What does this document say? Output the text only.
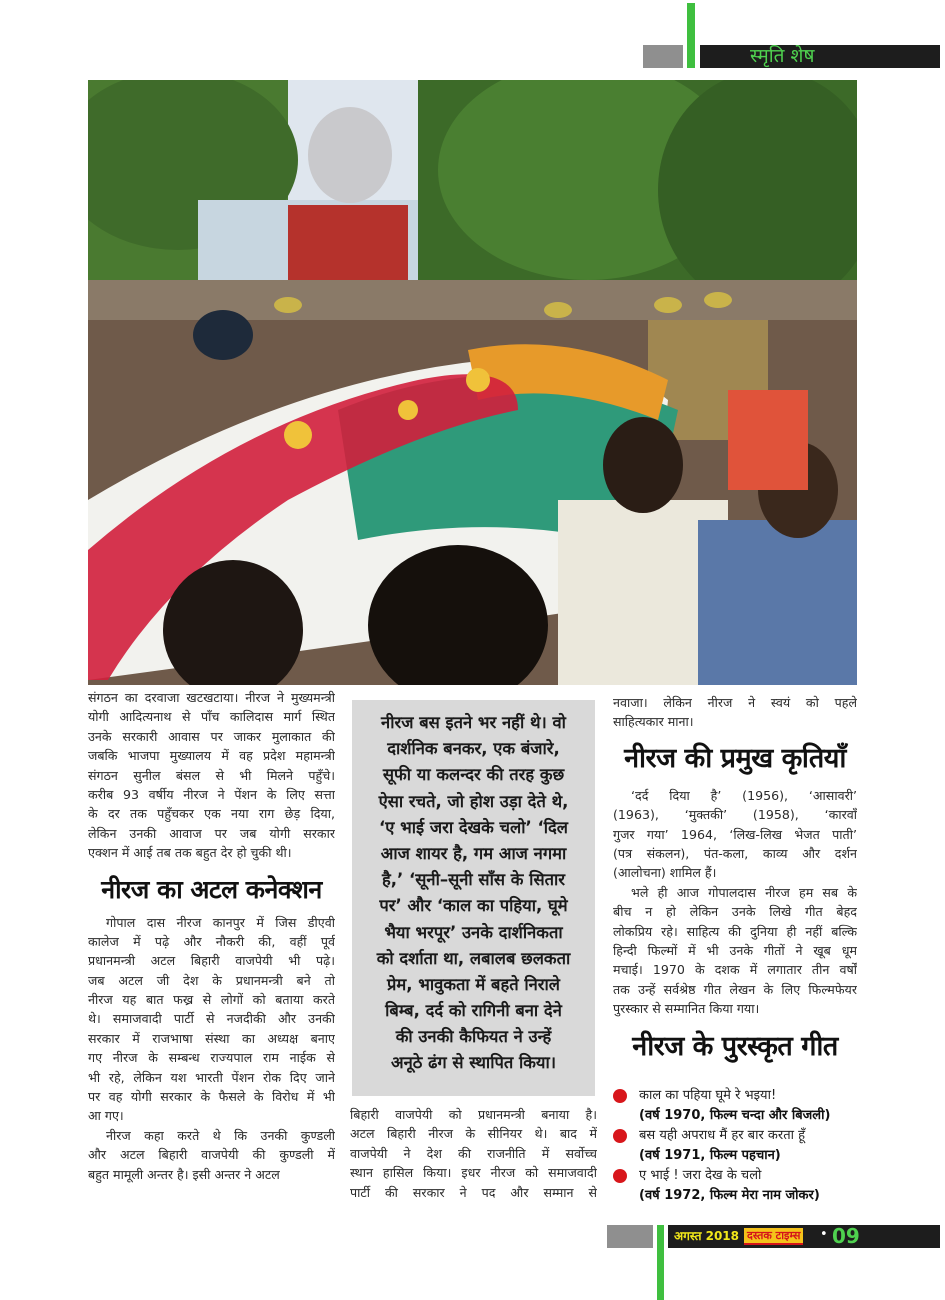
स्मृति शेष
संगठन का दरवाजा खटखटाया। नीरज ने मुख्यमन्त्री
योगी आदित्यनाथ से पाँच कालिदास मार्ग स्थित
उनके सरकारी आवास पर जाकर मुलाकात की
जबकि भाजपा मुख्यालय में वह प्रदेश महामन्त्री
संगठन सुनील बंसल से भी मिलने पहुँचे।
करीब 93 वर्षीय नीरज ने पेंशन के लिए सत्ता
के दर तक पहुँचकर एक नया राग छेड़ दिया,
लेकिन उनकी आवाज पर जब योगी सरकार
एक्शन में आई तब तक बहुत देर हो चुकी थी।
नीरज का अटल कनेक्शन
गोपाल दास नीरज कानपुर में जिस डीएवी
कालेज में पढ़े और नौकरी की, वहीं पूर्व
प्रधानमन्त्री अटल बिहारी वाजपेयी भी पढ़े।
जब अटल जी देश के प्रधानमन्त्री बने तो
नीरज यह बात फख्र से लोगों को बताया करते
थे। समाजवादी पार्टी से नजदीकी और उनकी
सरकार में राजभाषा संस्था का अध्यक्ष बनाए
गए नीरज के सम्बन्ध राज्यपाल राम नाईक से
भी रहे, लेकिन यश भारती पेंशन रोक दिए जाने
पर वह योगी सरकार के फैसले के विरोध में भी
आ गए।
नीरज कहा करते थे कि उनकी कुण्डली
और अटल बिहारी वाजपेयी की कुण्डली में
बहुत मामूली अन्तर है। इसी अन्तर ने अटल
नीरज बस इतने भर नहीं थे। वो
दार्शनिक बनकर, एक बंजारे,
सूफी या कलन्दर की तरह कुछ
ऐसा रचते, जो होश उड़ा देते थे,
‘ए भाई जरा देखके चलो’ ‘दिल
आज शायर है, गम आज नगमा
है,’ ‘सूनी–सूनी साँस के सितार
पर’ और ‘काल का पहिया, घूमे
भैया भरपूर’ उनके दार्शनिकता
को दर्शाता था, लबालब छलकता
प्रेम, भावुकता में बहते निराले
बिम्ब, दर्द को रागिनी बना देने
की उनकी कैफियत ने उन्हें
अनूठे ढंग से स्थापित किया।
बिहारी वाजपेयी को प्रधानमन्त्री बनाया है।
अटल बिहारी नीरज के सीनियर थे। बाद में
वाजपेयी ने देश की राजनीति में सर्वोच्च
स्थान हासिल किया। इधर नीरज को समाजवादी
पार्टी की सरकार ने पद और सम्मान से
नवाजा। लेकिन नीरज ने स्वयं को पहले
साहित्यकार माना।
नीरज की प्रमुख कृतियाँ
‘दर्द दिया है’ (1956), ‘आसावरी’
(1963), ‘मुक्तकी’ (1958), ‘कारवाँ
गुजर गया’ 1964, ‘लिख-लिख भेजत पाती’
(पत्र संकलन), पंत-कला, काव्य और दर्शन
(आलोचना) शामिल हैं।
भले ही आज गोपालदास नीरज हम सब के
बीच न हो लेकिन उनके लिखे गीत बेहद
लोकप्रिय रहे। साहित्य की दुनिया ही नहीं बल्कि
हिन्दी फिल्मों में भी उनके गीतों ने खूब धूम
मचाई। 1970 के दशक में लगातार तीन वर्षों
तक उन्हें सर्वश्रेष्ठ गीत लेखन के लिए फिल्मफेयर
पुरस्कार से सम्मानित किया गया।
नीरज के पुरस्कृत गीत
काल का पहिया घूमे रे भइया!
(वर्ष 1970, फिल्म चन्दा और बिजली)
बस यही अपराध मैं हर बार करता हूँ
(वर्ष 1971, फिल्म पहचान)
ए भाई ! जरा देख के चलो
(वर्ष 1972, फिल्म मेरा नाम जोकर)
अगस्त 2018 दस्तक टाइम्स • 09
